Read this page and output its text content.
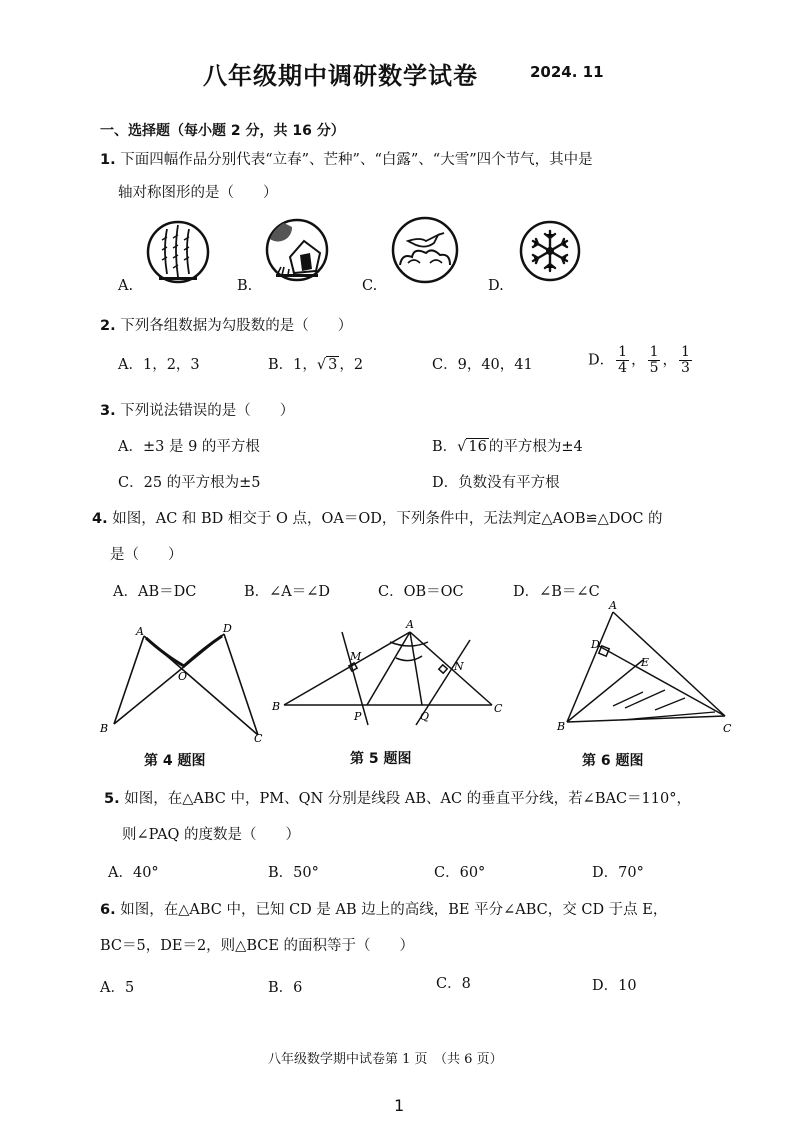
八年级期中调研数学试卷	2024. 11
一、选择题（每小题 2 分，共 16 分）
1. 下面四幅作品分别代表“立春”、芒种”、“白露”、“大雪”四个节气，其中是
轴对称图形的是（　　）
A.	B.	C.	D.
2. 下列各组数据为勾股数的是（　　）
A．1，2，3	B．1，√ 3 ，2	C．9，40，41	D． $\frac{1}{4}$ ， $\frac{1}{5}$ ， $\frac{1}{3}$
3. 下列说法错误的是（　　）
A．±3 是 9 的平方根	B．√ 16 的平方根为±4
C．25 的平方根为±5	D．负数没有平方根
4. 如图，AC 和 BD 相交于 O 点，OA＝OD，下列条件中，无法判定△AOB≌△DOC 的
是（　　）
A．AB＝DC	B．∠A＝∠D	C．OB＝OC	D．∠B＝∠C
A	D
O
B
C
第 4 题图
A
B	C
M
N
P	Q
第 5 题图
A
D
E
B	C
第 6 题图
5. 如图，在△ABC 中，PM、QN 分别是线段 AB、AC 的垂直平分线，若∠BAC＝110°，
则∠PAQ 的度数是（　　）
A．40°	B．50°	C．60°	D．70°
6. 如图，在△ABC 中，已知 CD 是 AB 边上的高线，BE 平分∠ABC，交 CD 于点 E，
BC＝5，DE＝2，则△BCE 的面积等于（　　）
A．5	B．6	C．8	D．10
八年级数学期中试卷第 1 页　（共 6 页）
1
